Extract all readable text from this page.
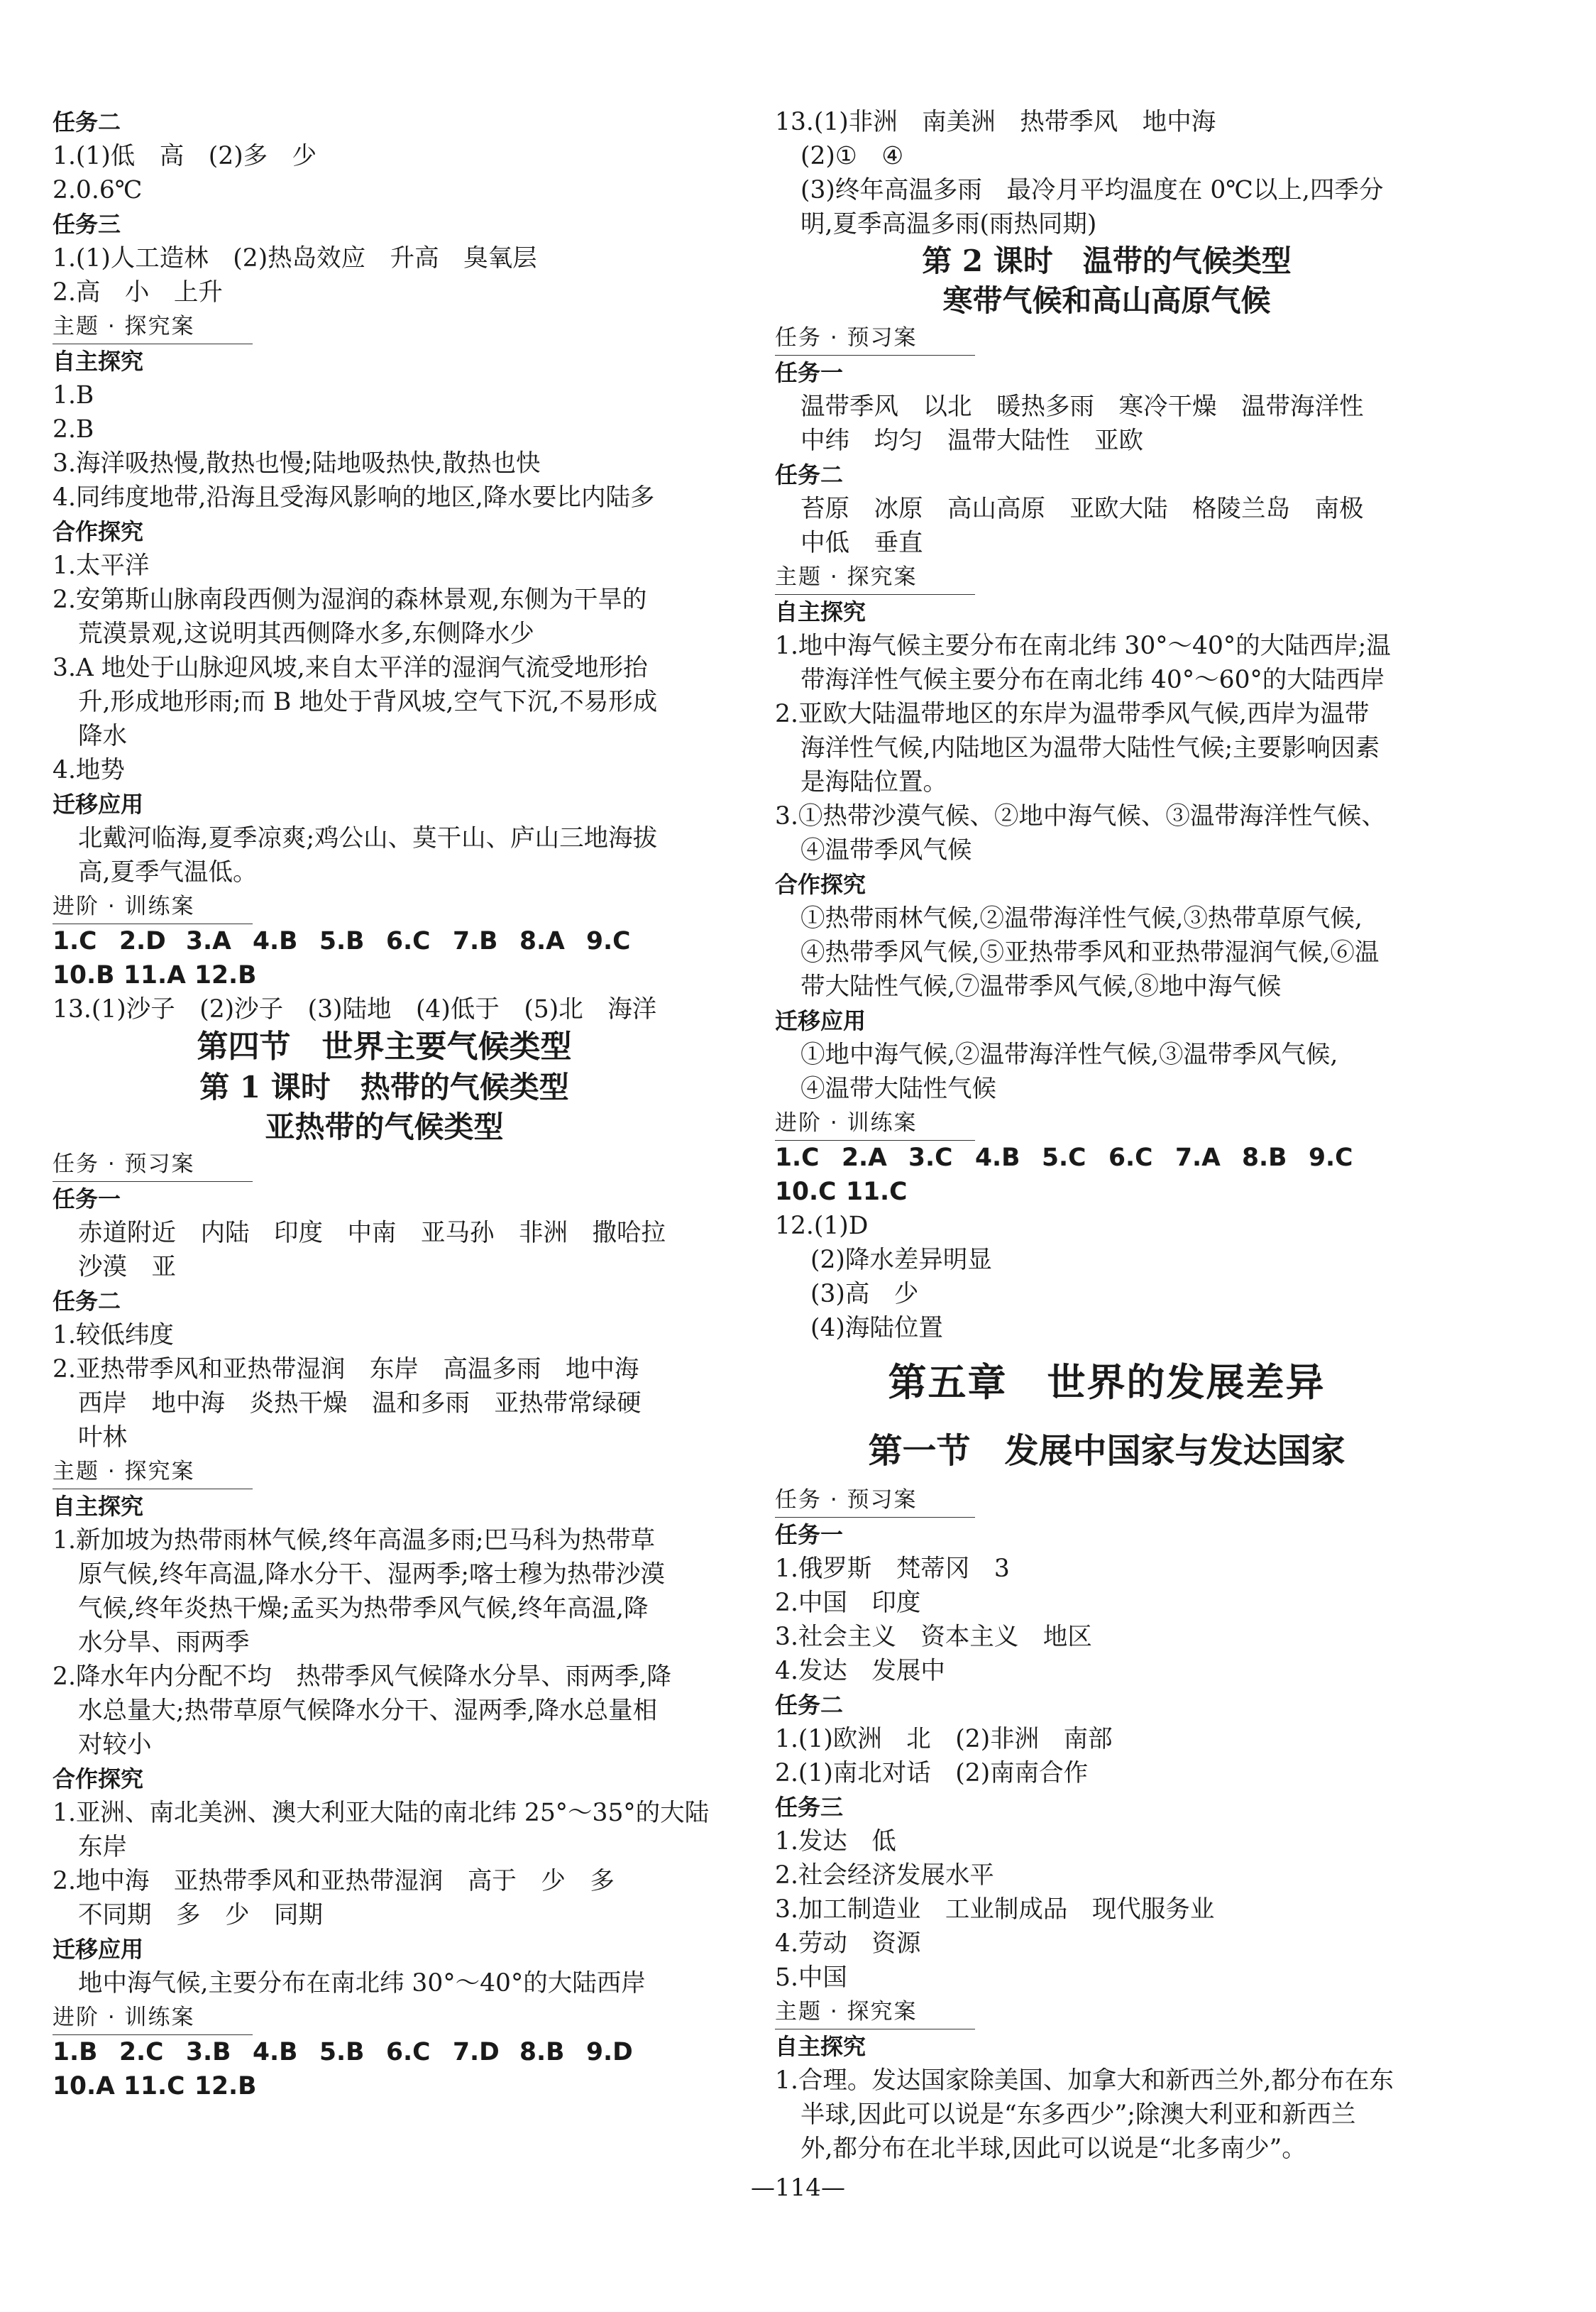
任务二
1.(1)低　高　(2)多　少
2.0.6℃
任务三
1.(1)人工造林　(2)热岛效应　升高　臭氧层
2.高　小　上升
主题 · 探究案
自主探究
1.B
2.B
3.海洋吸热慢,散热也慢;陆地吸热快,散热也快
4.同纬度地带,沿海且受海风影响的地区,降水要比内陆多
合作探究
1.太平洋
2.安第斯山脉南段西侧为湿润的森林景观,东侧为干旱的
荒漠景观,这说明其西侧降水多,东侧降水少
3.A 地处于山脉迎风坡,来自太平洋的湿润气流受地形抬
升,形成地形雨;而 B 地处于背风坡,空气下沉,不易形成
降水
4.地势
迁移应用
北戴河临海,夏季凉爽;鸡公山、莫干山、庐山三地海拔
高,夏季气温低。
进阶 · 训练案
1.C 2.D 3.A 4.B 5.B 6.C 7.B 8.A 9.C
10.B 11.A 12.B
13.(1)沙子　(2)沙子　(3)陆地　(4)低于　(5)北　海洋
第四节　世界主要气候类型
第 1 课时　热带的气候类型
亚热带的气候类型
任务 · 预习案
任务一
赤道附近　内陆　印度　中南　亚马孙　非洲　撒哈拉
沙漠　亚
任务二
1.较低纬度
2.亚热带季风和亚热带湿润　东岸　高温多雨　地中海
西岸　地中海　炎热干燥　温和多雨　亚热带常绿硬
叶林
主题 · 探究案
自主探究
1.新加坡为热带雨林气候,终年高温多雨;巴马科为热带草
原气候,终年高温,降水分干、湿两季;喀士穆为热带沙漠
气候,终年炎热干燥;孟买为热带季风气候,终年高温,降
水分旱、雨两季
2.降水年内分配不均　热带季风气候降水分旱、雨两季,降
水总量大;热带草原气候降水分干、湿两季,降水总量相
对较小
合作探究
1.亚洲、南北美洲、澳大利亚大陆的南北纬 25°～35°的大陆
东岸
2.地中海　亚热带季风和亚热带湿润　高于　少　多
不同期　多　少　同期
迁移应用
地中海气候,主要分布在南北纬 30°～40°的大陆西岸
进阶 · 训练案
1.B 2.C 3.B 4.B 5.B 6.C 7.D 8.B 9.D
10.A 11.C 12.B
13.(1)非洲　南美洲　热带季风　地中海
(2)①　④
(3)终年高温多雨　最冷月平均温度在 0℃以上,四季分
明,夏季高温多雨(雨热同期)
第 2 课时　温带的气候类型
寒带气候和高山高原气候
任务 · 预习案
任务一
温带季风　以北　暖热多雨　寒冷干燥　温带海洋性
中纬　均匀　温带大陆性　亚欧
任务二
苔原　冰原　高山高原　亚欧大陆　格陵兰岛　南极
中低　垂直
主题 · 探究案
自主探究
1.地中海气候主要分布在南北纬 30°～40°的大陆西岸;温
带海洋性气候主要分布在南北纬 40°～60°的大陆西岸
2.亚欧大陆温带地区的东岸为温带季风气候,西岸为温带
海洋性气候,内陆地区为温带大陆性气候;主要影响因素
是海陆位置。
3.①热带沙漠气候、②地中海气候、③温带海洋性气候、
④温带季风气候
合作探究
①热带雨林气候,②温带海洋性气候,③热带草原气候,
④热带季风气候,⑤亚热带季风和亚热带湿润气候,⑥温
带大陆性气候,⑦温带季风气候,⑧地中海气候
迁移应用
①地中海气候,②温带海洋性气候,③温带季风气候,
④温带大陆性气候
进阶 · 训练案
1.C 2.A 3.C 4.B 5.C 6.C 7.A 8.B 9.C
10.C 11.C
12.(1)D
(2)降水差异明显
(3)高　少
(4)海陆位置
第五章　世界的发展差异
第一节　发展中国家与发达国家
任务 · 预习案
任务一
1.俄罗斯　梵蒂冈　3
2.中国　印度
3.社会主义　资本主义　地区
4.发达　发展中
任务二
1.(1)欧洲　北　(2)非洲　南部
2.(1)南北对话　(2)南南合作
任务三
1.发达　低
2.社会经济发展水平
3.加工制造业　工业制成品　现代服务业
4.劳动　资源
5.中国
主题 · 探究案
自主探究
1.合理。发达国家除美国、加拿大和新西兰外,都分布在东
半球,因此可以说是“东多西少”;除澳大利亚和新西兰
外,都分布在北半球,因此可以说是“北多南少”。
—114—
